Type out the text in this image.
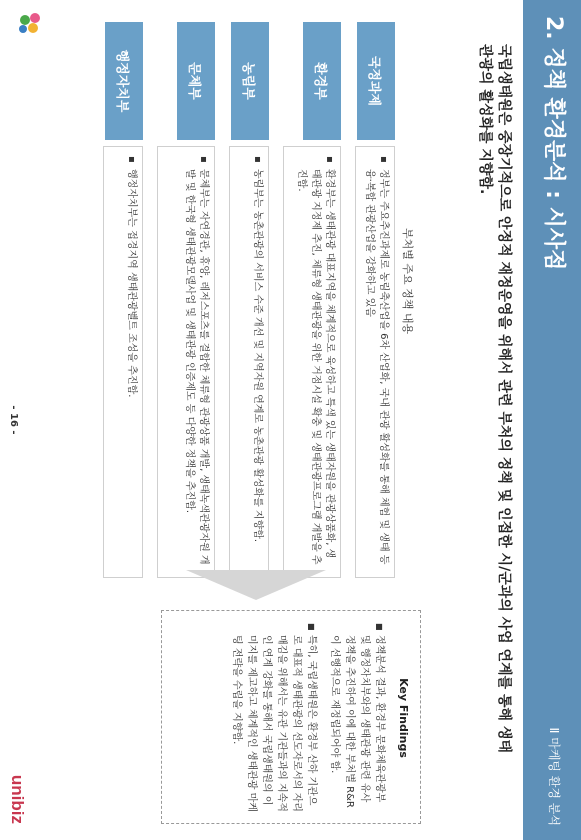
2. 정책 환경분석 : 시사점
Ⅱ 마케팅 환경 분석
국립생태원은 중장기적으로 안정적 재정운영을 위해서 관련 부처의 정책 및 인접한 시/군과의 사업 연계를 통해 생태관광의 활성화를 지향함.
부처별 주요 정책 내용
국정과제
▪ 정부는 주요추진과제로 농림축산업을 6차 산업화, 국내 관광 활성화를 통해 체험 및 생태 등 융·복합 관광산업을 강화하고 있음
환경부
▪ 환경부는 생태관광 대표지역을 체계적으로 육성하고 특색 있는 생태자원을 관광상품화, 생태관광 지정제 추진, 체류형 생태관광을 위한 거점시설 확충 및 생태관광프로그램 개발을 추진함.
농림부
▪ 농림부는 농촌관광의 서비스 수준 개선 및 지역자원 연계로 농촌관광 활성화를 지향함.
문체부
▪ 문체부는 자연경관, 휴양, 레저스포츠를 결합한 체류형 관광상품 개발, 생태녹색관광자원 개발 및 한국형 생태관광모델사업 및 생태관광 인증제도 등 다양한 정책을 추진함.
행정자치부
▪ 행정자치부는 접경지역 생태관광벨트 조성을 추진함.
Key Findings
■ 정책분석 결과, 환경부 문화체육관광부 및 행정자치부와의 생태관광 관련 유사 정책을 추진하여 이에 대한 부처별 R&R이 선행적으로 재정립되어야 함.
■ 특히, 국립생태원은 환경부 산하 기관으로 대표적 생태관광의 선도자로서의 자리매김을 위해서는 유관 기관들과의 지속적인 연계 강화를 통해서 국립생태원의 이미지를 제고하고 체계적인 생태관광 마케팅 전략을 수립을 지향함.
- 16 -
unibiz
